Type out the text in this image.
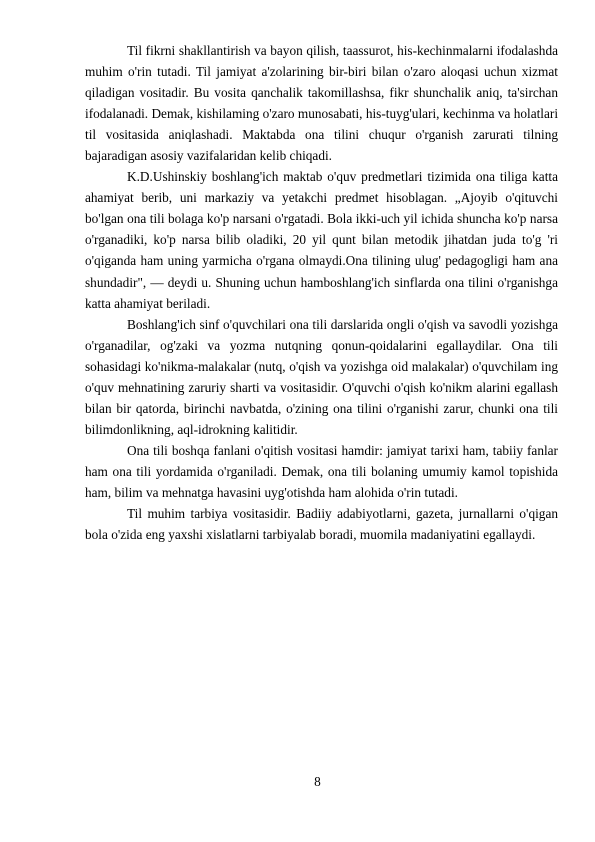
Til fikrni shakllantirish va bayon qilish, taassurot, his-kechinmalarni ifodalashda muhim o'rin tutadi. Til jamiyat a'zolarining bir-biri bilan o'zaro aloqasi uchun xizmat qiladigan vositadir. Bu vosita qanchalik takomillashsa, fikr shunchalik aniq, ta'sirchan ifodalanadi. Demak, kishilaming o'zaro munosabati, his-tuyg'ulari, kechinma va holatlari til vositasida aniqlashadi. Maktabda ona tilini chuqur o'rganish zarurati tilning bajaradigan asosiy vazifalaridan kelib chiqadi.

K.D.Ushinskiy boshlang'ich maktab o'quv predmetlari tizimida ona tiliga katta ahamiyat berib, uni markaziy va yetakchi predmet hisoblagan. „Ajoyib o'qituvchi bo'lgan ona tili bolaga ko'p narsani o'rgatadi. Bola ikki-uch yil ichida shuncha ko'p narsa o'rganadiki, ko'p narsa bilib oladiki, 20 yil qunt bilan metodik jihatdan juda to'g 'ri o'qiganda ham uning yarmicha o'rgana olmaydi.Ona tilining ulug' pedagogligi ham ana shundadir", — deydi u. Shuning uchun hamboshlang'ich sinflarda ona tilini o'rganishga katta ahamiyat beriladi.

Boshlang'ich sinf o'quvchilari ona tili darslarida ongli o'qish va savodli yozishga o'rganadilar, og'zaki va yozma nutqning qonun-qoidalarini egallaydilar. Ona tili sohasidagi ko'nikma-malakalar (nutq, o'qish va yozishga oid malakalar) o'quvchilam ing o'quv mehnatining zaruriy sharti va vositasidir. O'quvchi o'qish ko'nikm alarini egallash bilan bir qatorda, birinchi navbatda, o'zining ona tilini o'rganishi zarur, chunki ona tili bilimdonlikning, aql-idrokning kalitidir.

Ona tili boshqa fanlani o'qitish vositasi hamdir: jamiyat tarixi ham, tabiiy fanlar ham ona tili yordamida o'rganiladi. Demak, ona tili bolaning umumiy kamol topishida ham, bilim va mehnatga havasini uyg'otishda ham alohida o'rin tutadi.

Til muhim tarbiya vositasidir. Badiiy adabiyotlarni, gazeta, jurnallarni o'qigan bola o'zida eng yaxshi xislatlarni tarbiyalab boradi, muomila madaniyatini egallaydi.

8
